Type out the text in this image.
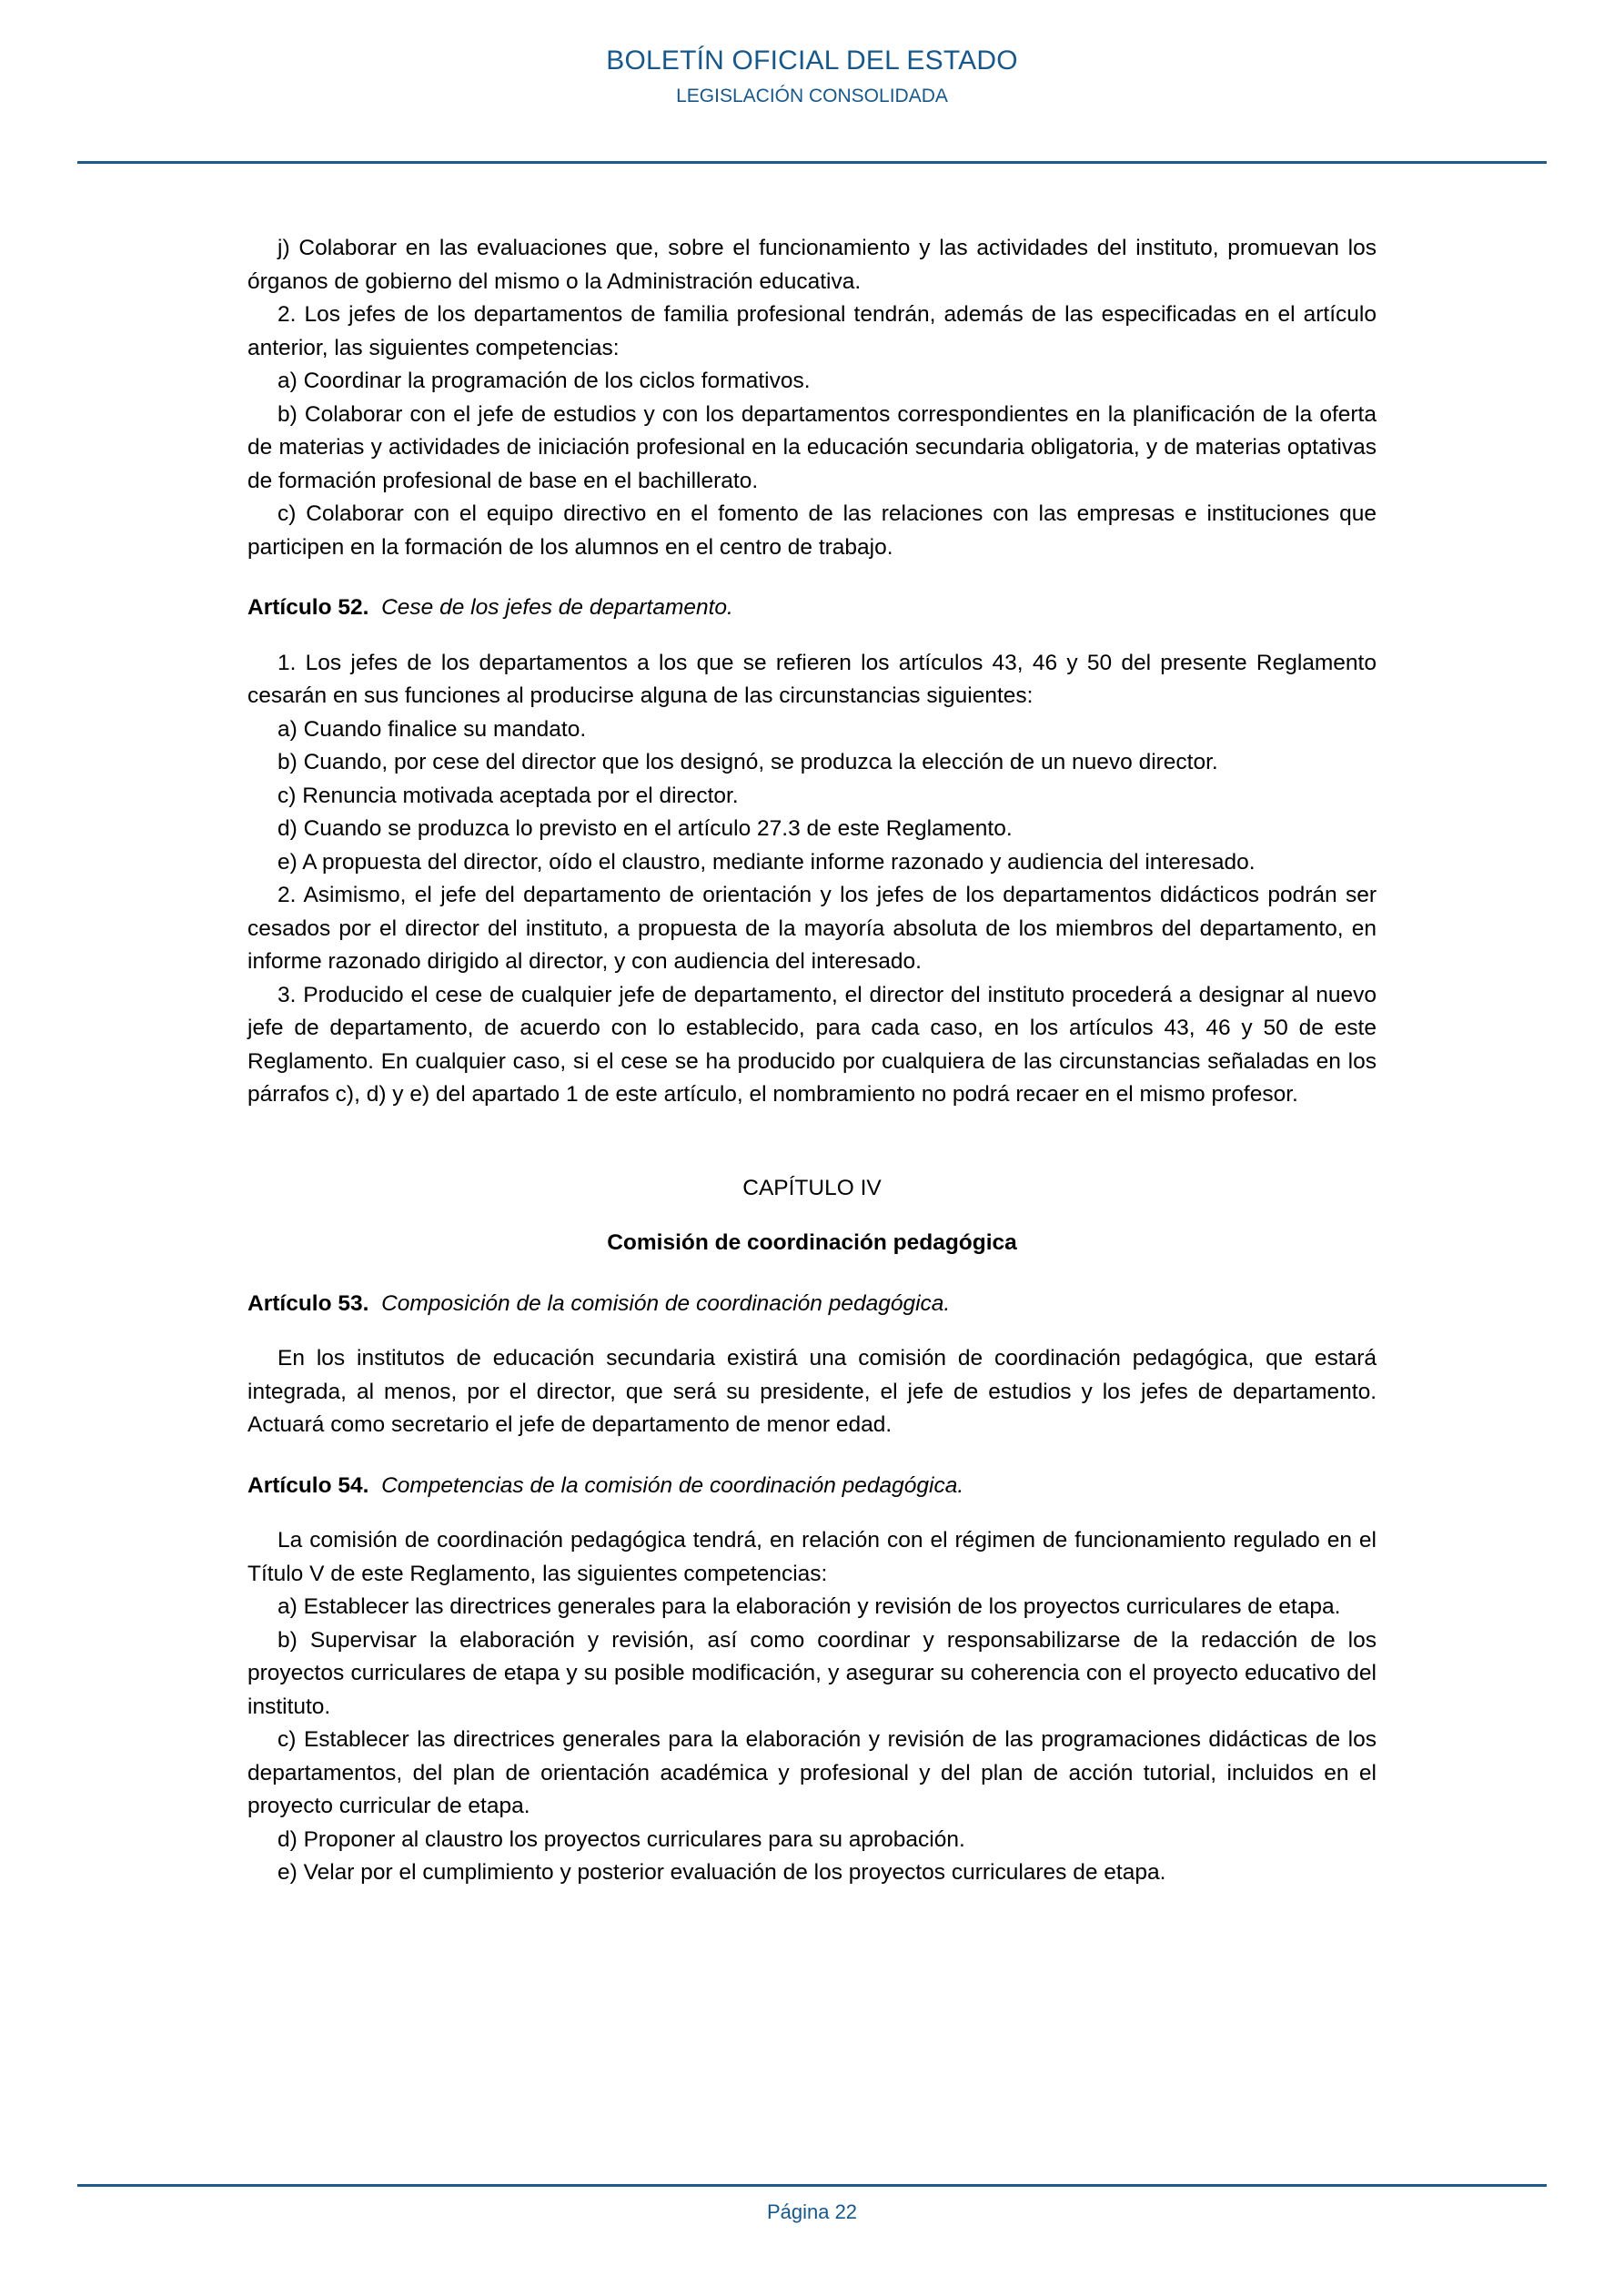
BOLETÍN OFICIAL DEL ESTADO
LEGISLACIÓN CONSOLIDADA

j) Colaborar en las evaluaciones que, sobre el funcionamiento y las actividades del instituto, promuevan los órganos de gobierno del mismo o la Administración educativa.

2. Los jefes de los departamentos de familia profesional tendrán, además de las especificadas en el artículo anterior, las siguientes competencias:

a) Coordinar la programación de los ciclos formativos.

b) Colaborar con el jefe de estudios y con los departamentos correspondientes en la planificación de la oferta de materias y actividades de iniciación profesional en la educación secundaria obligatoria, y de materias optativas de formación profesional de base en el bachillerato.

c) Colaborar con el equipo directivo en el fomento de las relaciones con las empresas e instituciones que participen en la formación de los alumnos en el centro de trabajo.

Artículo 52. Cese de los jefes de departamento.

1. Los jefes de los departamentos a los que se refieren los artículos 43, 46 y 50 del presente Reglamento cesarán en sus funciones al producirse alguna de las circunstancias siguientes:

a) Cuando finalice su mandato.

b) Cuando, por cese del director que los designó, se produzca la elección de un nuevo director.

c) Renuncia motivada aceptada por el director.

d) Cuando se produzca lo previsto en el artículo 27.3 de este Reglamento.

e) A propuesta del director, oído el claustro, mediante informe razonado y audiencia del interesado.

2. Asimismo, el jefe del departamento de orientación y los jefes de los departamentos didácticos podrán ser cesados por el director del instituto, a propuesta de la mayoría absoluta de los miembros del departamento, en informe razonado dirigido al director, y con audiencia del interesado.

3. Producido el cese de cualquier jefe de departamento, el director del instituto procederá a designar al nuevo jefe de departamento, de acuerdo con lo establecido, para cada caso, en los artículos 43, 46 y 50 de este Reglamento. En cualquier caso, si el cese se ha producido por cualquiera de las circunstancias señaladas en los párrafos c), d) y e) del apartado 1 de este artículo, el nombramiento no podrá recaer en el mismo profesor.

CAPÍTULO IV

Comisión de coordinación pedagógica

Artículo 53. Composición de la comisión de coordinación pedagógica.

En los institutos de educación secundaria existirá una comisión de coordinación pedagógica, que estará integrada, al menos, por el director, que será su presidente, el jefe de estudios y los jefes de departamento. Actuará como secretario el jefe de departamento de menor edad.

Artículo 54. Competencias de la comisión de coordinación pedagógica.

La comisión de coordinación pedagógica tendrá, en relación con el régimen de funcionamiento regulado en el Título V de este Reglamento, las siguientes competencias:

a) Establecer las directrices generales para la elaboración y revisión de los proyectos curriculares de etapa.

b) Supervisar la elaboración y revisión, así como coordinar y responsabilizarse de la redacción de los proyectos curriculares de etapa y su posible modificación, y asegurar su coherencia con el proyecto educativo del instituto.

c) Establecer las directrices generales para la elaboración y revisión de las programaciones didácticas de los departamentos, del plan de orientación académica y profesional y del plan de acción tutorial, incluidos en el proyecto curricular de etapa.

d) Proponer al claustro los proyectos curriculares para su aprobación.

e) Velar por el cumplimiento y posterior evaluación de los proyectos curriculares de etapa.

Página 22
